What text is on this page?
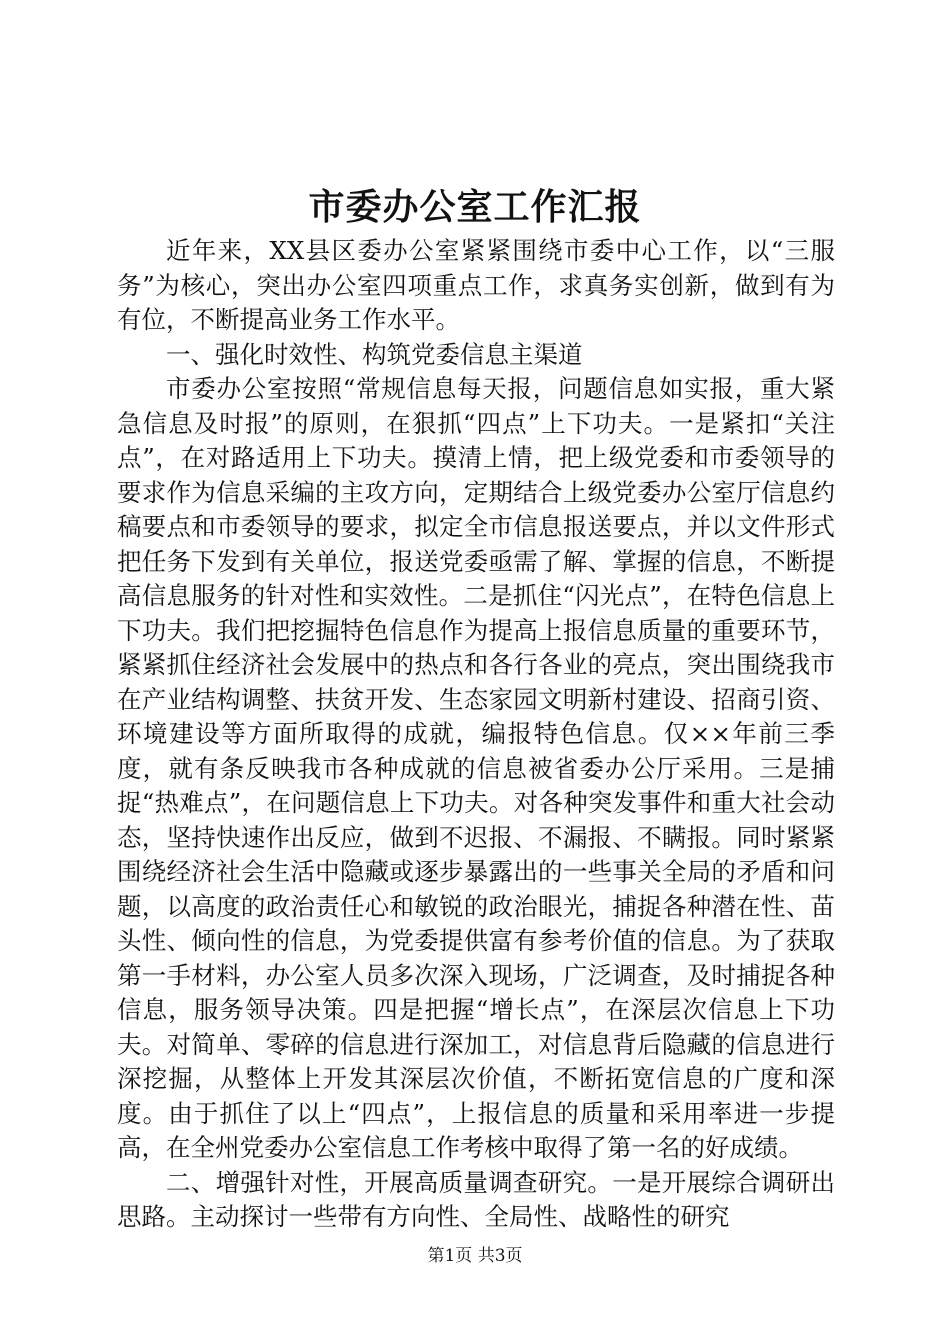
市委办公室工作汇报

近年来，XX县区委办公室紧紧围绕市委中心工作，以“三服务”为核心，突出办公室四项重点工作，求真务实创新，做到有为有位，不断提高业务工作水平。

一、强化时效性、构筑党委信息主渠道

市委办公室按照“常规信息每天报，问题信息如实报，重大紧急信息及时报”的原则，在狠抓“四点”上下功夫。一是紧扣“关注点”，在对路适用上下功夫。摸清上情，把上级党委和市委领导的要求作为信息采编的主攻方向，定期结合上级党委办公室厅信息约稿要点和市委领导的要求，拟定全市信息报送要点，并以文件形式把任务下发到有关单位，报送党委亟需了解、掌握的信息，不断提高信息服务的针对性和实效性。二是抓住“闪光点”，在特色信息上下功夫。我们把挖掘特色信息作为提高上报信息质量的重要环节，紧紧抓住经济社会发展中的热点和各行各业的亮点，突出围绕我市在产业结构调整、扶贫开发、生态家园文明新村建设、招商引资、环境建设等方面所取得的成就，编报特色信息。仅××年前三季度，就有条反映我市各种成就的信息被省委办公厅采用。三是捕捉“热难点”，在问题信息上下功夫。对各种突发事件和重大社会动态，坚持快速作出反应，做到不迟报、不漏报、不瞒报。同时紧紧围绕经济社会生活中隐藏或逐步暴露出的一些事关全局的矛盾和问题，以高度的政治责任心和敏锐的政治眼光，捕捉各种潜在性、苗头性、倾向性的信息，为党委提供富有参考价值的信息。为了获取第一手材料，办公室人员多次深入现场，广泛调查，及时捕捉各种信息，服务领导决策。四是把握“增长点”，在深层次信息上下功夫。对简单、零碎的信息进行深加工，对信息背后隐藏的信息进行深挖掘，从整体上开发其深层次价值，不断拓宽信息的广度和深度。由于抓住了以上“四点”，上报信息的质量和采用率进一步提高，在全州党委办公室信息工作考核中取得了第一名的好成绩。

二、增强针对性，开展高质量调查研究。一是开展综合调研出思路。主动探讨一些带有方向性、全局性、战略性的研究

第1页 共3页
